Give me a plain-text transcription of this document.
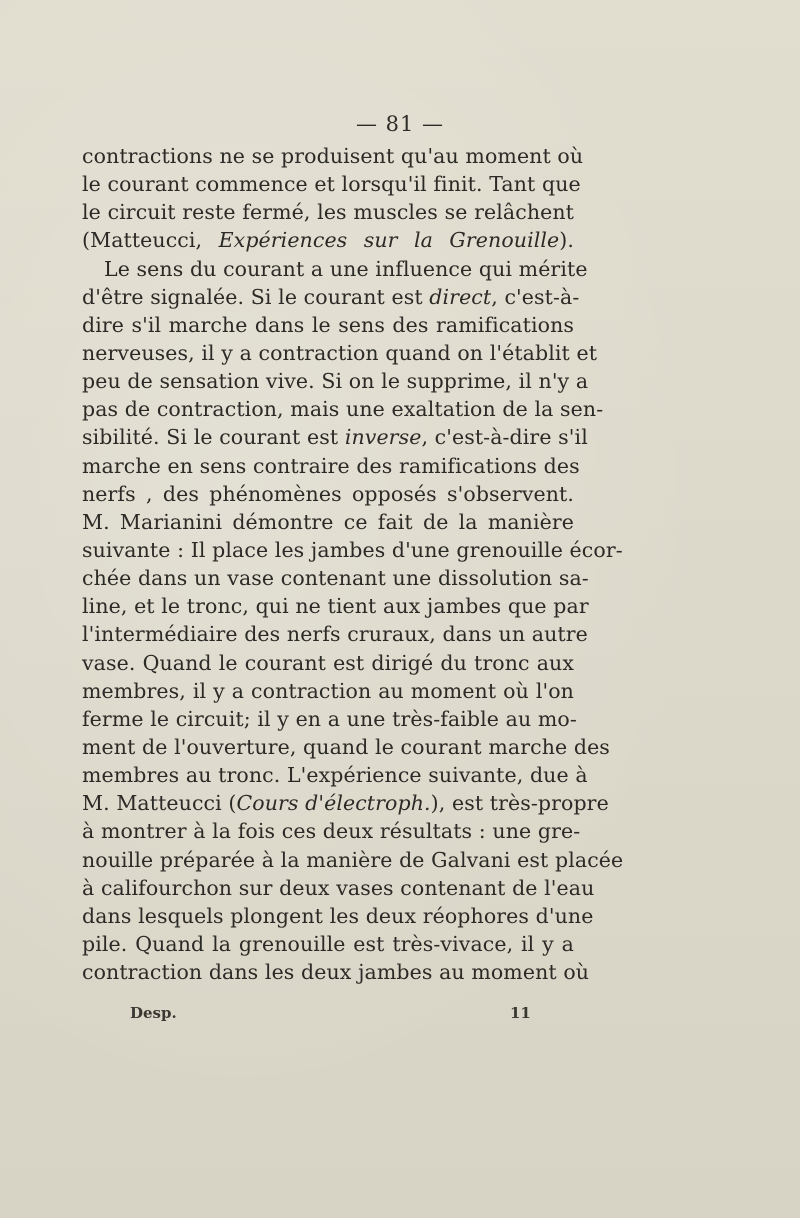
— 81 —
contractions ne se produisent qu'au moment où
le courant commence et lorsqu'il finit. Tant que
le circuit reste fermé, les muscles se relâchent
(Matteucci, Expériences sur la Grenouille).
Le sens du courant a une influence qui mérite
d'être signalée. Si le courant est direct, c'est-à-
dire s'il marche dans le sens des ramifications
nerveuses, il y a contraction quand on l'établit et
peu de sensation vive. Si on le supprime, il n'y a
pas de contraction, mais une exaltation de la sen-
sibilité. Si le courant est inverse, c'est-à-dire s'il
marche en sens contraire des ramifications des
nerfs , des phénomènes opposés s'observent.
M. Marianini démontre ce fait de la manière
suivante : Il place les jambes d'une grenouille écor-
chée dans un vase contenant une dissolution sa-
line, et le tronc, qui ne tient aux jambes que par
l'intermédiaire des nerfs cruraux, dans un autre
vase. Quand le courant est dirigé du tronc aux
membres, il y a contraction au moment où l'on
ferme le circuit; il y en a une très-faible au mo-
ment de l'ouverture, quand le courant marche des
membres au tronc. L'expérience suivante, due à
M. Matteucci (Cours d'électroph.), est très-propre
à montrer à la fois ces deux résultats : une gre-
nouille préparée à la manière de Galvani est placée
à califourchon sur deux vases contenant de l'eau
dans lesquels plongent les deux réophores d'une
pile. Quand la grenouille est très-vivace, il y a
contraction dans les deux jambes au moment où
Desp.	11
